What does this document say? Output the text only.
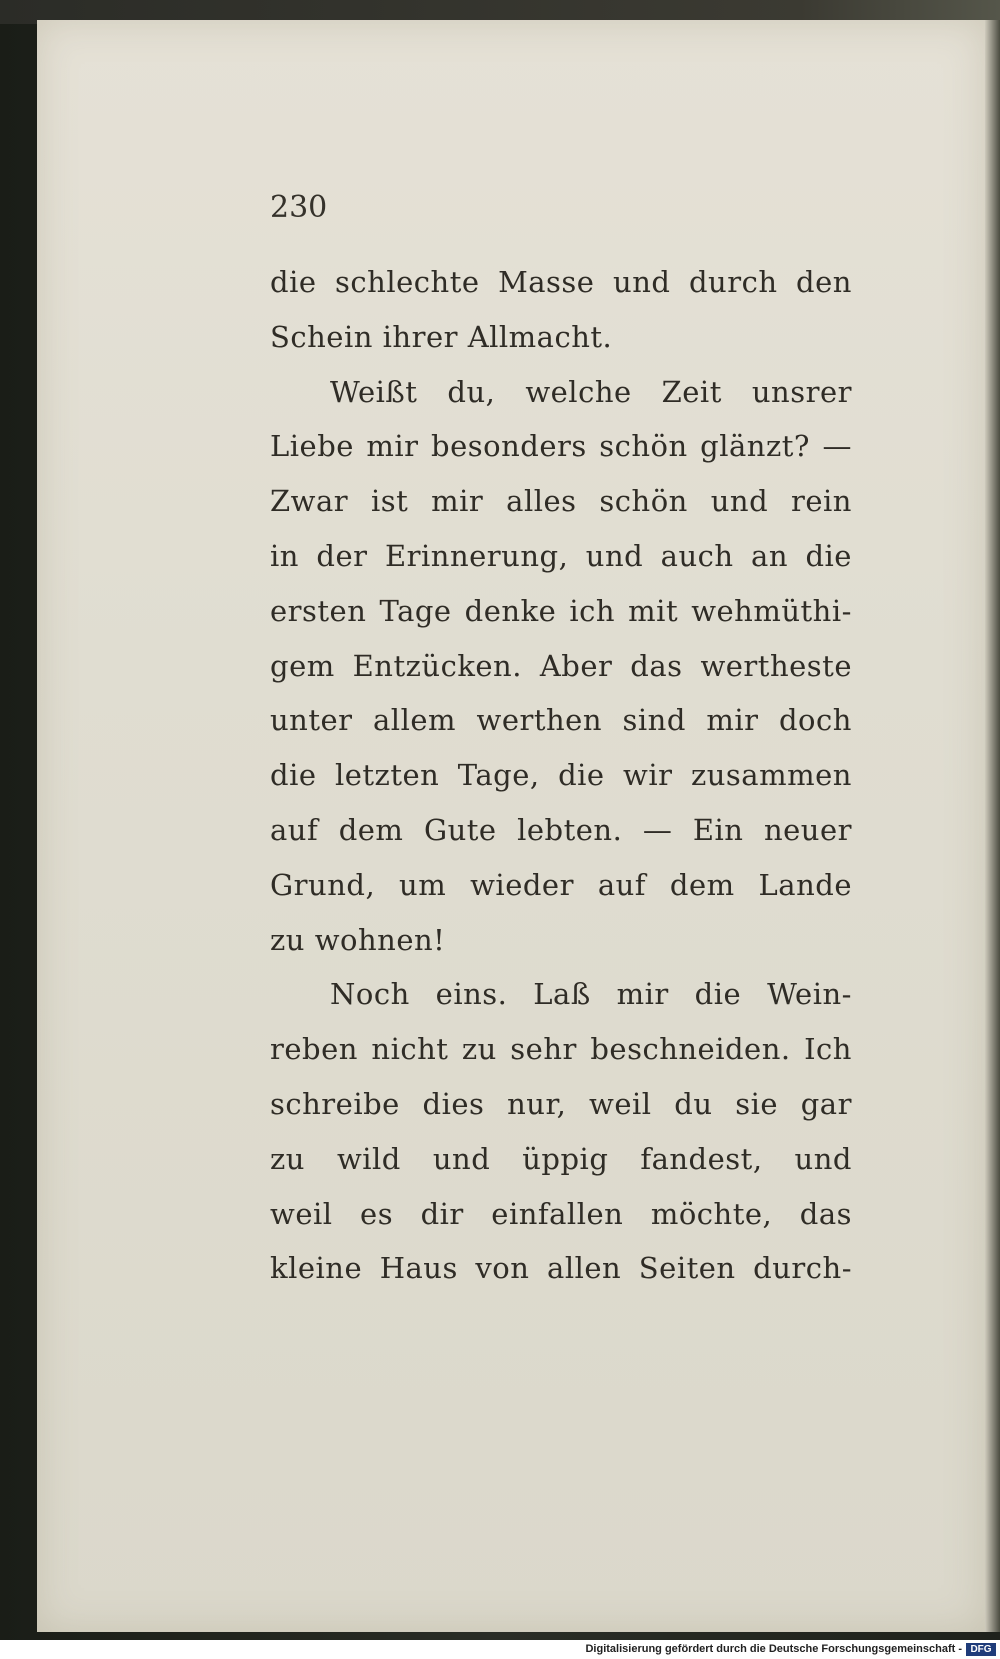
230
die schlechte Masse und durch den
Schein ihrer Allmacht.
Weißt du, welche Zeit unsrer
Liebe mir besonders schön glänzt? —
Zwar ist mir alles schön und rein
in der Erinnerung, und auch an die
ersten Tage denke ich mit wehmüthi-
gem Entzücken. Aber das wertheste
unter allem werthen sind mir doch
die letzten Tage, die wir zusammen
auf dem Gute lebten. — Ein neuer
Grund, um wieder auf dem Lande
zu wohnen!
Noch eins. Laß mir die Wein-
reben nicht zu sehr beschneiden. Ich
schreibe dies nur, weil du sie gar
zu wild und üppig fandest, und
weil es dir einfallen möchte, das
kleine Haus von allen Seiten durch-
Digitalisierung gefördert durch die Deutsche Forschungsgemeinschaft - DFG
